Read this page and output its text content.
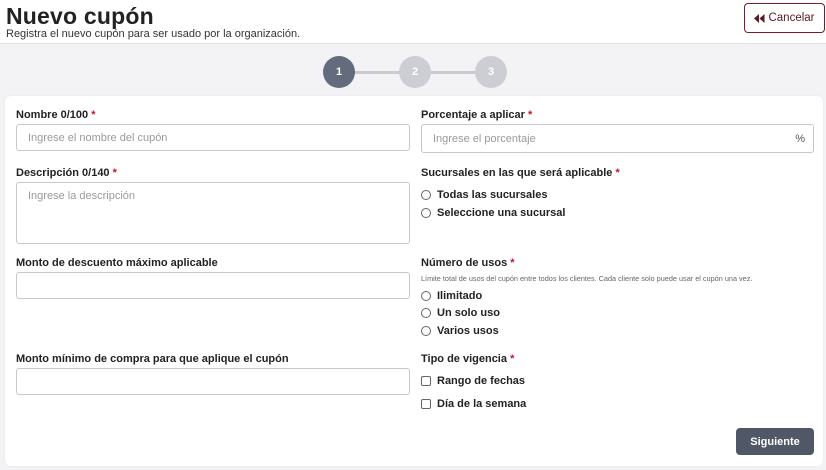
Nuevo cupón
Registra el nuevo cupón para ser usado por la organización.
Cancelar
1	2	3
Nombre 0/100 *
Ingrese el nombre del cupón
Descripción 0/140 *
Ingrese la descripción
Monto de descuento máximo aplicable
Monto mínimo de compra para que aplique el cupón
Porcentaje a aplicar *
Ingrese el porcentaje	%
Sucursales en las que será aplicable *
Todas las sucursales
Seleccione una sucursal
Número de usos *
Límite total de usos del cupón entre todos los clientes. Cada cliente solo puede usar el cupón una vez.
Ilimitado
Un solo uso
Varios usos
Tipo de vigencia *
Rango de fechas
Día de la semana
Siguiente
